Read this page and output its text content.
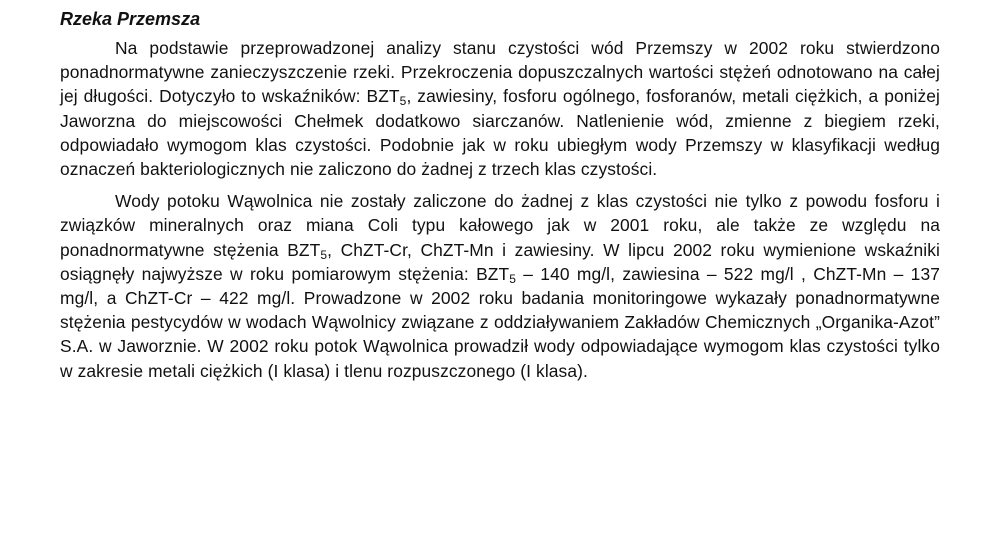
Rzeka Przemsza

Na podstawie przeprowadzonej analizy stanu czystości wód Przemszy w 2002 roku stwierdzono ponadnormatywne zanieczyszczenie rzeki. Przekroczenia dopuszczalnych wartości stężeń odnotowano na całej jej długości. Dotyczyło to wskaźników: $BZT_5$, zawiesiny, fosforu ogólnego, fosforanów, metali ciężkich, a poniżej Jaworzna do miejscowości Chełmek dodatkowo siarczanów. Natlenienie wód, zmienne z biegiem rzeki, odpowiadało wymogom klas czystości. Podobnie jak w roku ubiegłym wody Przemszy w klasyfikacji według oznaczeń bakteriologicznych nie zaliczono do żadnej z trzech klas czystości.

Wody potoku Wąwolnica nie zostały zaliczone do żadnej z klas czystości nie tylko z powodu fosforu i związków mineralnych oraz miana Coli typu kałowego jak w 2001 roku, ale także ze względu na ponadnormatywne stężenia $BZT_5$, ChZT-Cr, ChZT-Mn i zawiesiny. W lipcu 2002 roku wymienione wskaźniki osiągnęły najwyższe w roku pomiarowym stężenia: $BZT_5 - 140$ mg/l, zawiesina – 522 mg/l , ChZT-Mn – 137 mg/l, a ChZT-Cr – 422 mg/l. Prowadzone w 2002 roku badania monitoringowe wykazały ponadnormatywne stężenia pestycydów w wodach Wąwolnicy związane z oddziaływaniem Zakładów Chemicznych „Organika-Azot” S.A. w Jaworznie. W 2002 roku potok Wąwolnica prowadził wody odpowiadające wymogom klas czystości tylko w zakresie metali ciężkich (I klasa) i tlenu rozpuszczonego (I klasa).
